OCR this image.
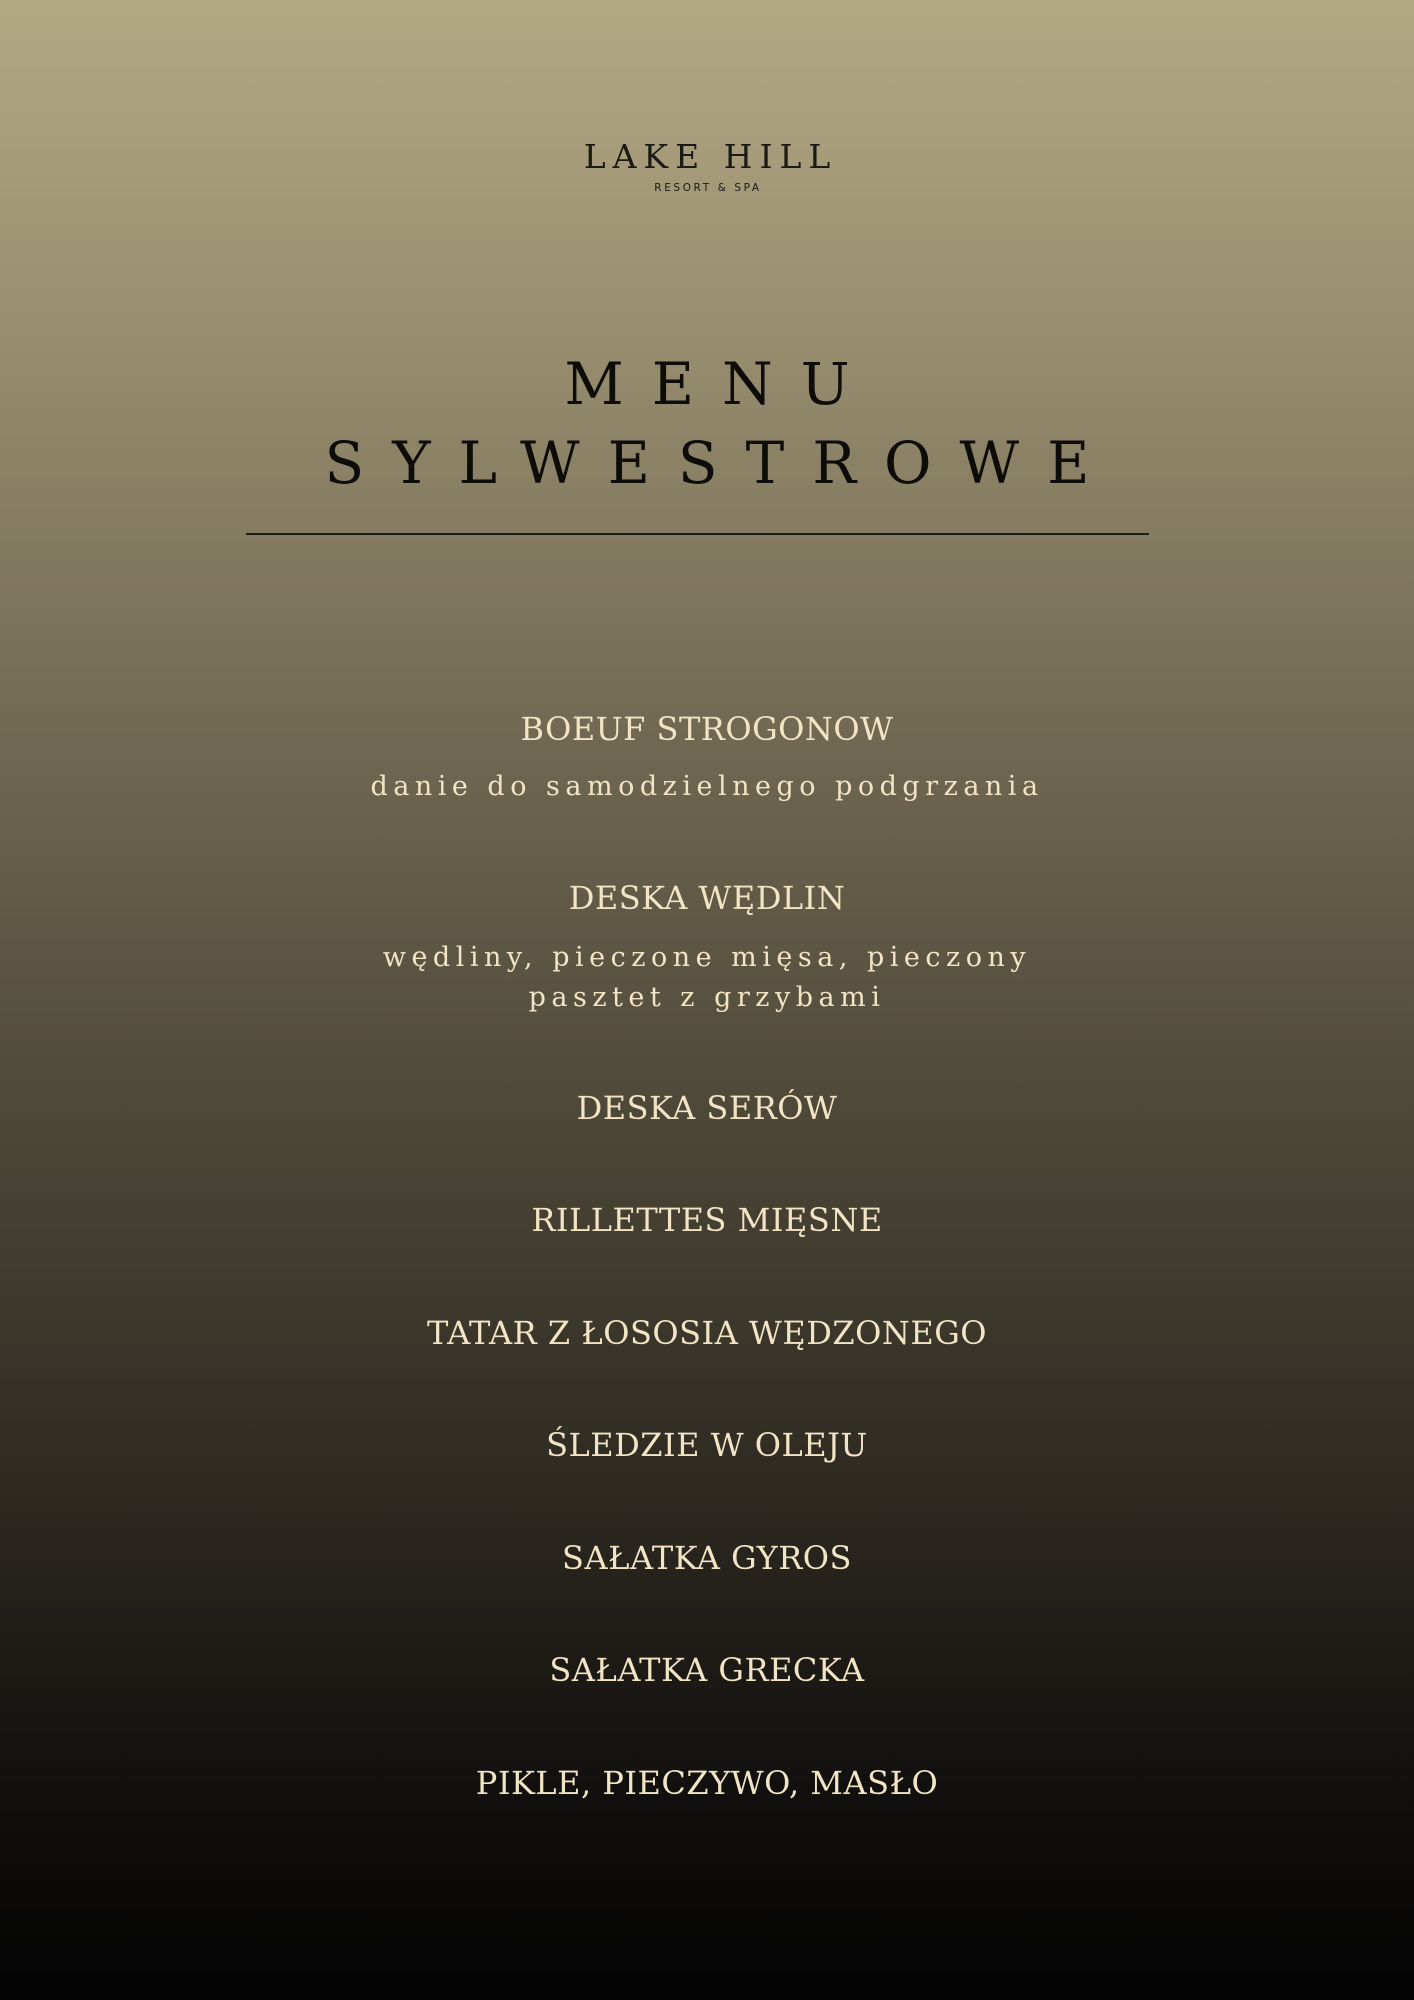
LAKE HILL
RESORT & SPA
MENU
SYLWESTROWE
BOEUF STROGONOW
danie do samodzielnego podgrzania
DESKA WĘDLIN
wędliny, pieczone mięsa, pieczony
pasztet z grzybami
DESKA SERÓW
RILLETTES MIĘSNE
TATAR Z ŁOSOSIA WĘDZONEGO
ŚLEDZIE W OLEJU
SAŁATKA GYROS
SAŁATKA GRECKA
PIKLE, PIECZYWO, MASŁO
